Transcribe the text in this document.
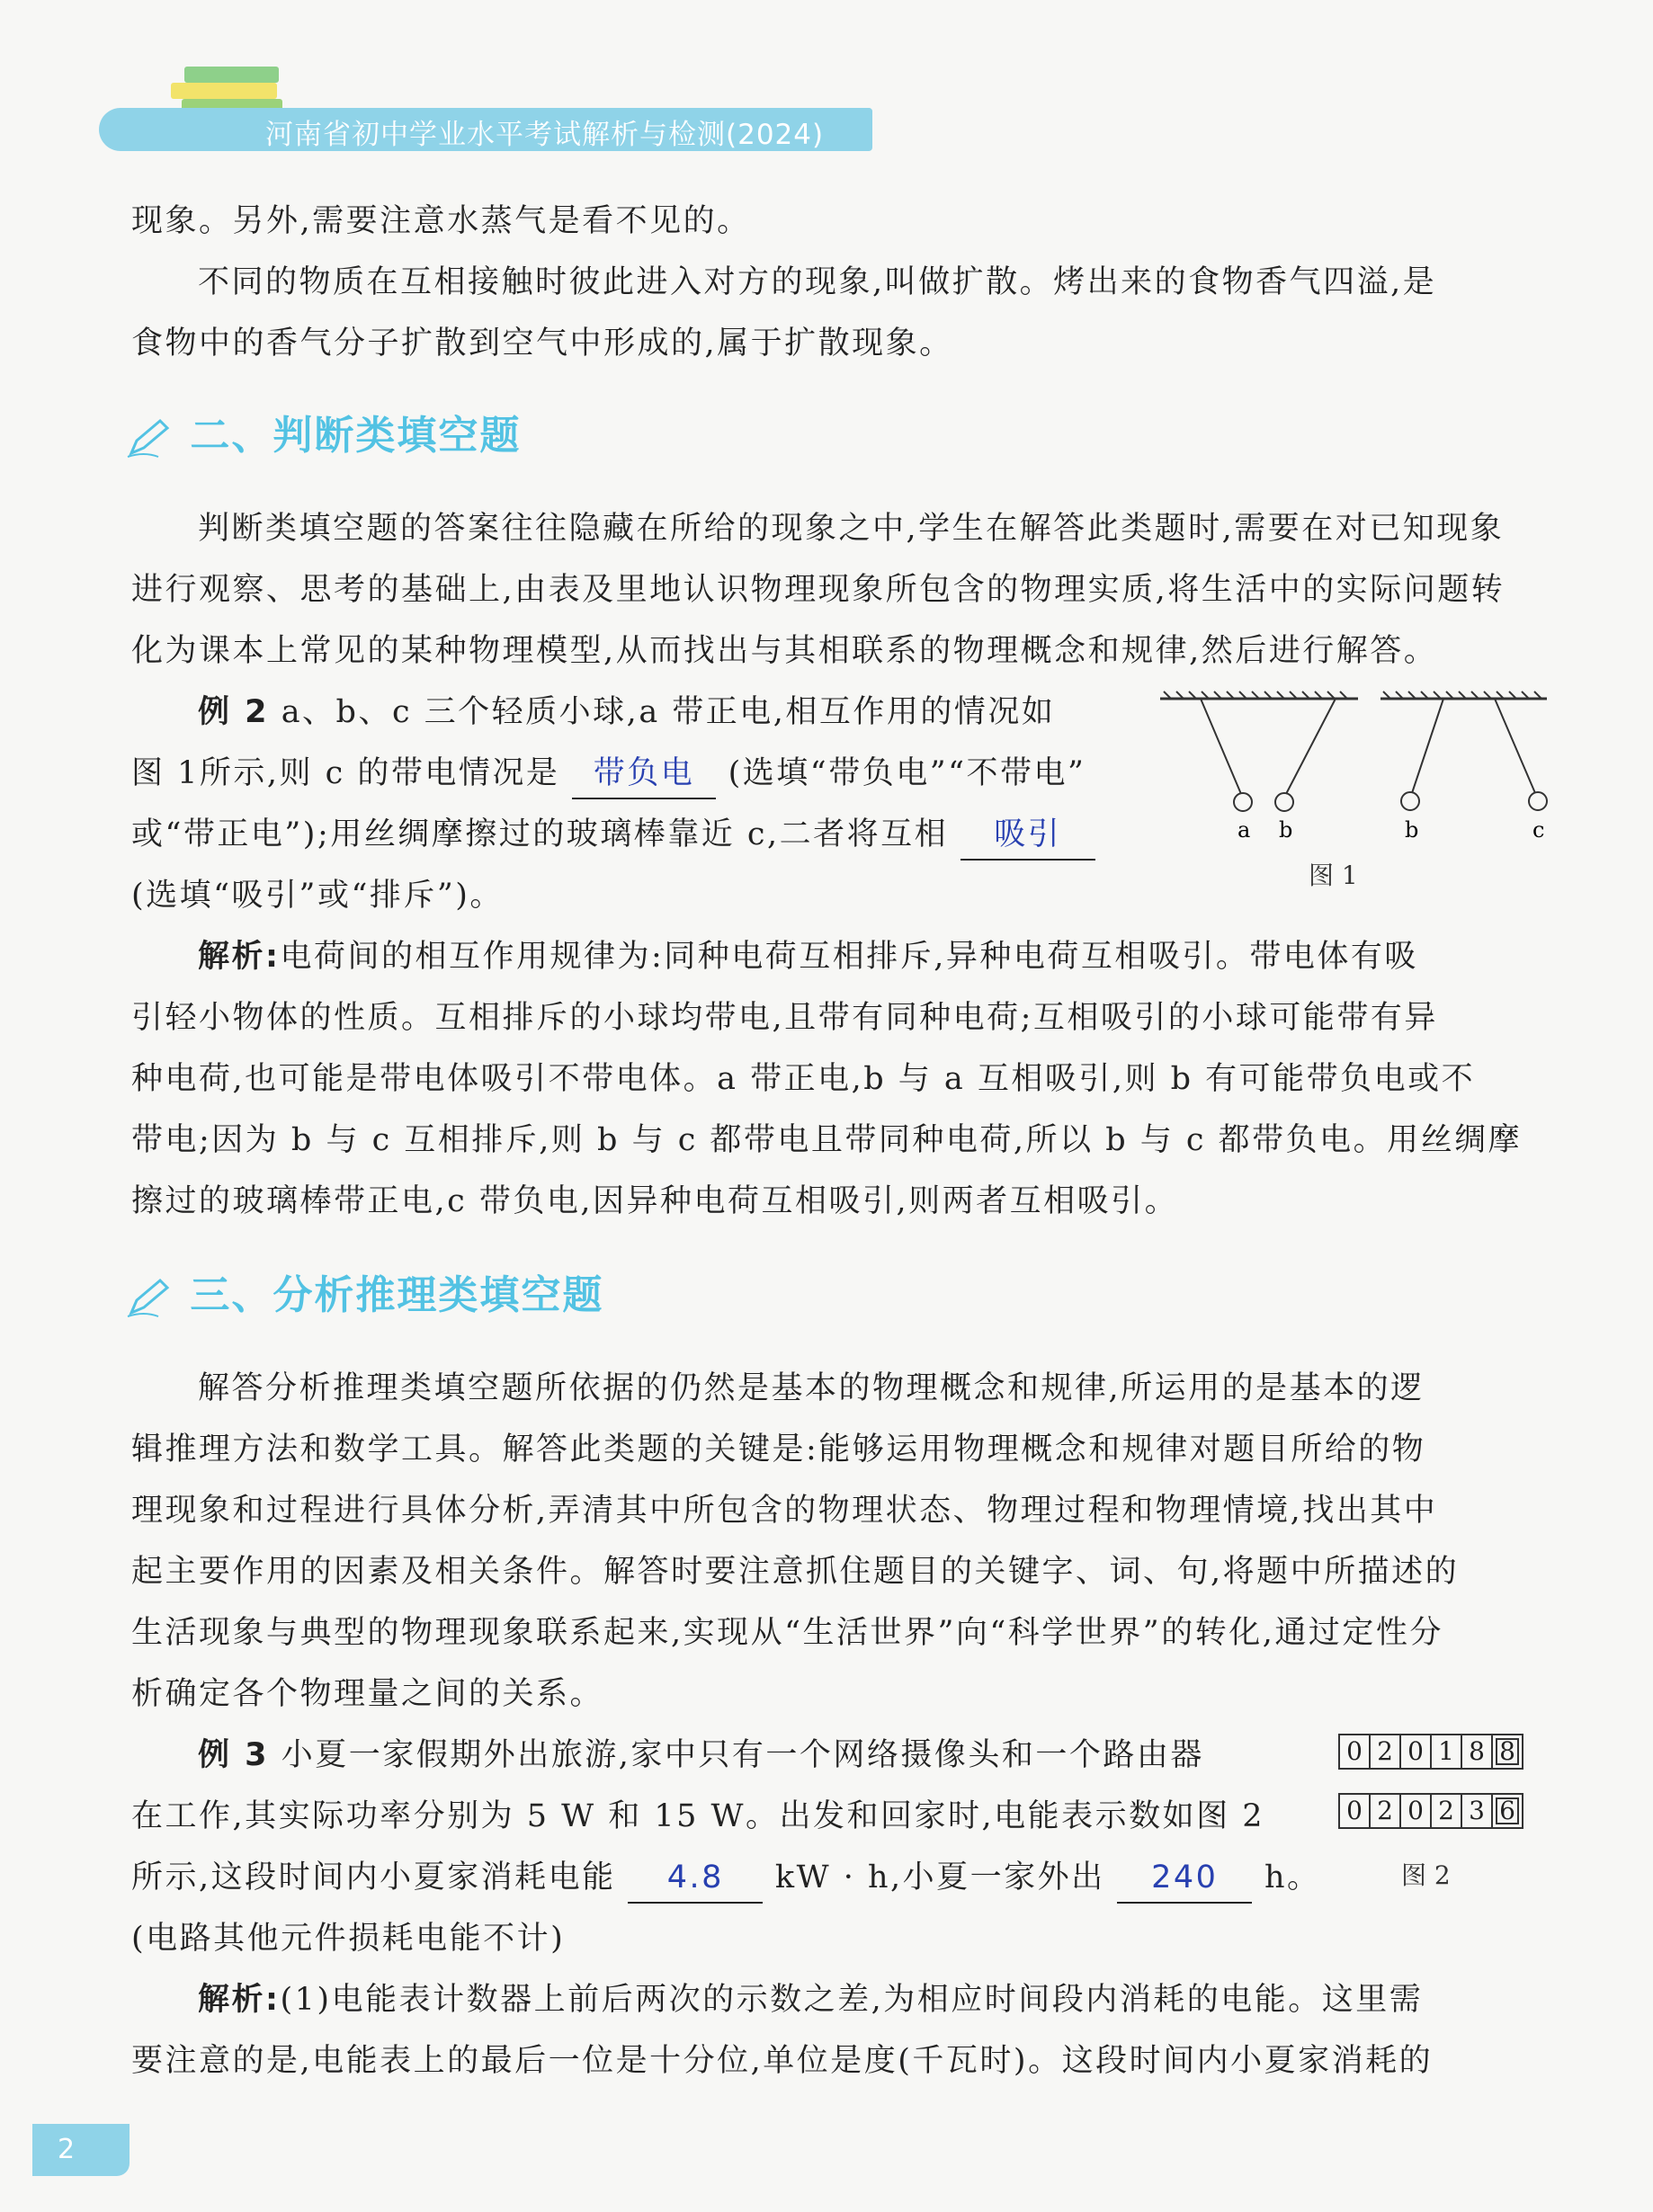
河南省初中学业水平考试解析与检测(2024)
现象。另外,需要注意水蒸气是看不见的。
不同的物质在互相接触时彼此进入对方的现象,叫做扩散。烤出来的食物香气四溢,是
食物中的香气分子扩散到空气中形成的,属于扩散现象。
二、判断类填空题
判断类填空题的答案往往隐藏在所给的现象之中,学生在解答此类题时,需要在对已知现象
进行观察、思考的基础上,由表及里地认识物理现象所包含的物理实质,将生活中的实际问题转
化为课本上常见的某种物理模型,从而找出与其相联系的物理概念和规律,然后进行解答。
例 2 a、b、c 三个轻质小球,a 带正电,相互作用的情况如
图 1所示,则 c 的带电情况是 带负电 (选填“带负电”“不带电”
或“带正电”);用丝绸摩擦过的玻璃棒靠近 c,二者将互相 吸引
(选填“吸引”或“排斥”)。
a b	b	c
图 1
解析:电荷间的相互作用规律为:同种电荷互相排斥,异种电荷互相吸引。带电体有吸
引轻小物体的性质。互相排斥的小球均带电,且带有同种电荷;互相吸引的小球可能带有异
种电荷,也可能是带电体吸引不带电体。a 带正电,b 与 a 互相吸引,则 b 有可能带负电或不
带电;因为 b 与 c 互相排斥,则 b 与 c 都带电且带同种电荷,所以 b 与 c 都带负电。用丝绸摩
擦过的玻璃棒带正电,c 带负电,因异种电荷互相吸引,则两者互相吸引。
三、分析推理类填空题
解答分析推理类填空题所依据的仍然是基本的物理概念和规律,所运用的是基本的逻
辑推理方法和数学工具。解答此类题的关键是:能够运用物理概念和规律对题目所给的物
理现象和过程进行具体分析,弄清其中所包含的物理状态、物理过程和物理情境,找出其中
起主要作用的因素及相关条件。解答时要注意抓住题目的关键字、词、句,将题中所描述的
生活现象与典型的物理现象联系起来,实现从“生活世界”向“科学世界”的转化,通过定性分
析确定各个物理量之间的关系。
例 3 小夏一家假期外出旅游,家中只有一个网络摄像头和一个路由器
在工作,其实际功率分别为 5 W 和 15 W。出发和回家时,电能表示数如图 2
所示,这段时间内小夏家消耗电能 4.8 kW · h,小夏一家外出 240 h。
(电路其他元件损耗电能不计)
0 2 0 1 8 8
0 2 0 2 3 6
图 2
解析:(1)电能表计数器上前后两次的示数之差,为相应时间段内消耗的电能。这里需
要注意的是,电能表上的最后一位是十分位,单位是度(千瓦时)。这段时间内小夏家消耗的
2
